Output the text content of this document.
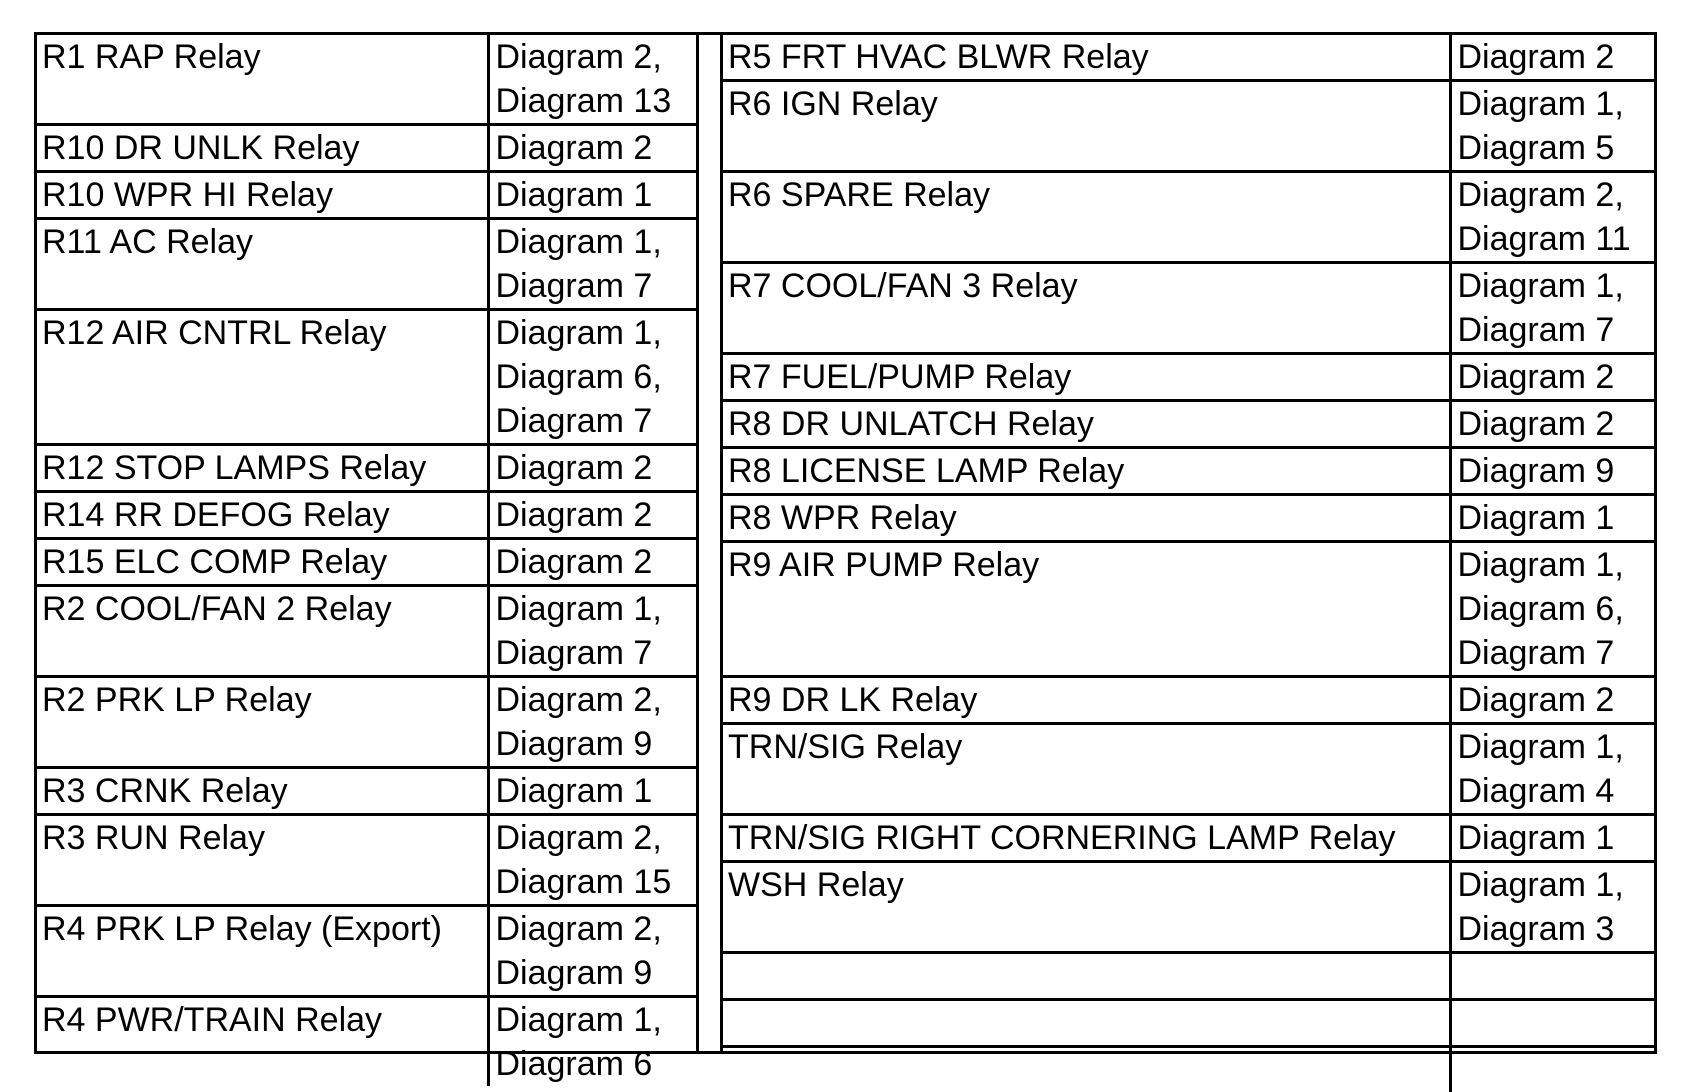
R1 RAP Relay	Diagram 2,
Diagram 13

R10 DR UNLK Relay	Diagram 2

R10 WPR HI Relay	Diagram 1

R11 AC Relay	Diagram 1,
Diagram 7

R12 AIR CNTRL Relay	Diagram 1,
Diagram 6,
Diagram 7

R12 STOP LAMPS Relay	Diagram 2

R14 RR DEFOG Relay	Diagram 2

R15 ELC COMP Relay	Diagram 2

R2 COOL/FAN 2 Relay	Diagram 1,
Diagram 7

R2 PRK LP Relay	Diagram 2,
Diagram 9

R3 CRNK Relay	Diagram 1

R3 RUN Relay	Diagram 2,
Diagram 15

R4 PRK LP Relay (Export)	Diagram 2,
Diagram 9

R4 PWR/TRAIN Relay	Diagram 1,
Diagram 6
R5 FRT HVAC BLWR Relay	Diagram 2

R6 IGN Relay	Diagram 1,
Diagram 5

R6 SPARE Relay	Diagram 2,
Diagram 11

R7 COOL/FAN 3 Relay	Diagram 1,
Diagram 7

R7 FUEL/PUMP Relay	Diagram 2

R8 DR UNLATCH Relay	Diagram 2

R8 LICENSE LAMP Relay	Diagram 9

R8 WPR Relay	Diagram 1

R9 AIR PUMP Relay	Diagram 1,
Diagram 6,
Diagram 7

R9 DR LK Relay	Diagram 2

TRN/SIG Relay	Diagram 1,
Diagram 4

TRN/SIG RIGHT CORNERING LAMP Relay	Diagram 1

WSH Relay	Diagram 1,
Diagram 3
